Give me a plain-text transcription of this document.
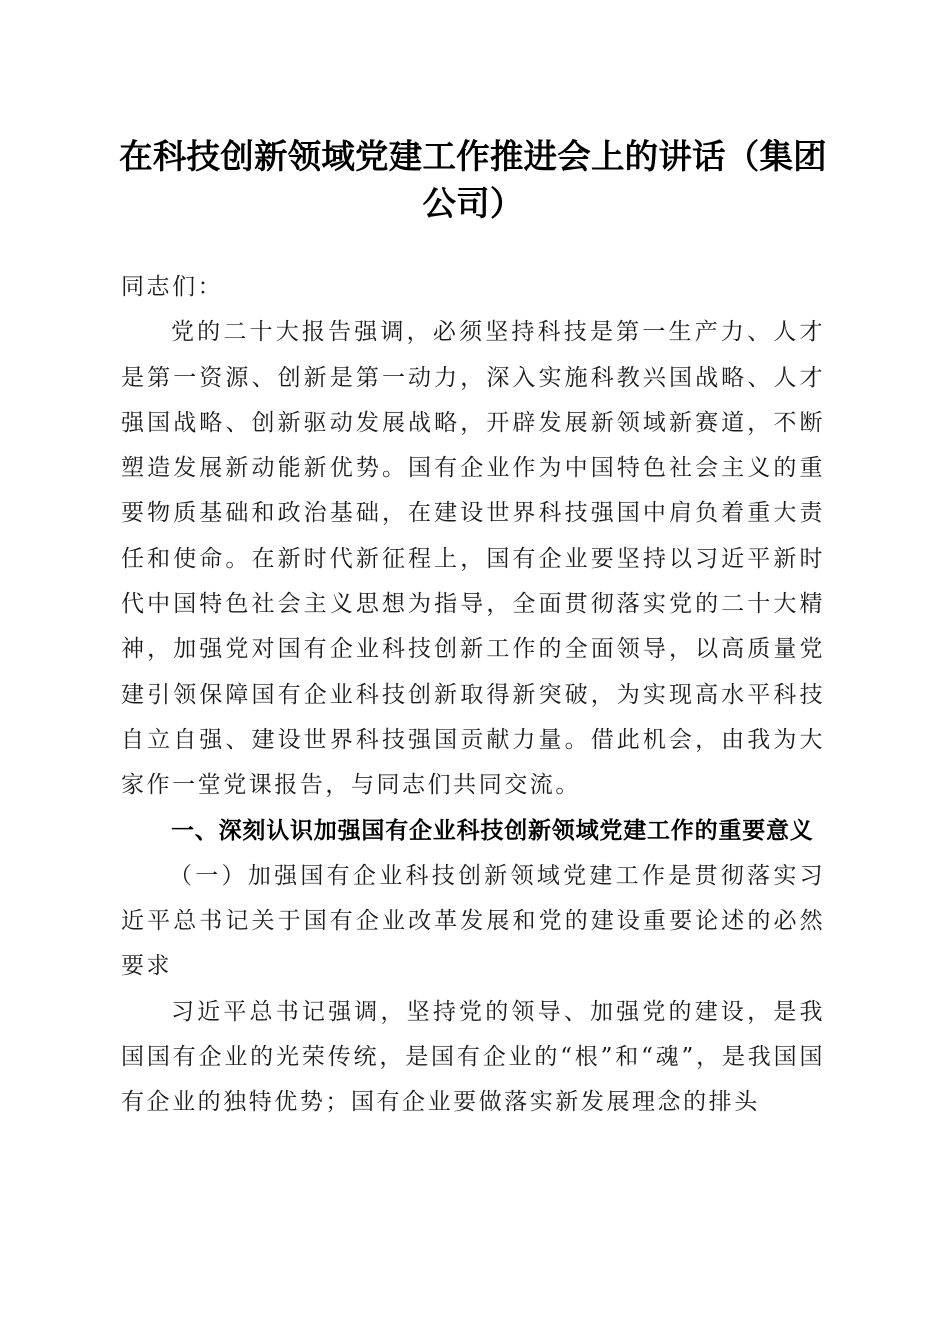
在科技创新领域党建工作推进会上的讲话（集团公司）

同志们：

党的二十大报告强调，必须坚持科技是第一生产力、人才是第一资源、创新是第一动力，深入实施科教兴国战略、人才强国战略、创新驱动发展战略，开辟发展新领域新赛道，不断塑造发展新动能新优势。国有企业作为中国特色社会主义的重要物质基础和政治基础，在建设世界科技强国中肩负着重大责任和使命。在新时代新征程上，国有企业要坚持以习近平新时代中国特色社会主义思想为指导，全面贯彻落实党的二十大精神，加强党对国有企业科技创新工作的全面领导，以高质量党建引领保障国有企业科技创新取得新突破，为实现高水平科技自立自强、建设世界科技强国贡献力量。借此机会，由我为大家作一堂党课报告，与同志们共同交流。

一、深刻认识加强国有企业科技创新领域党建工作的重要意义

（一）加强国有企业科技创新领域党建工作是贯彻落实习近平总书记关于国有企业改革发展和党的建设重要论述的必然要求

习近平总书记强调，坚持党的领导、加强党的建设，是我国国有企业的光荣传统，是国有企业的“根”和“魂”，是我国国有企业的独特优势；国有企业要做落实新发展理念的排头
